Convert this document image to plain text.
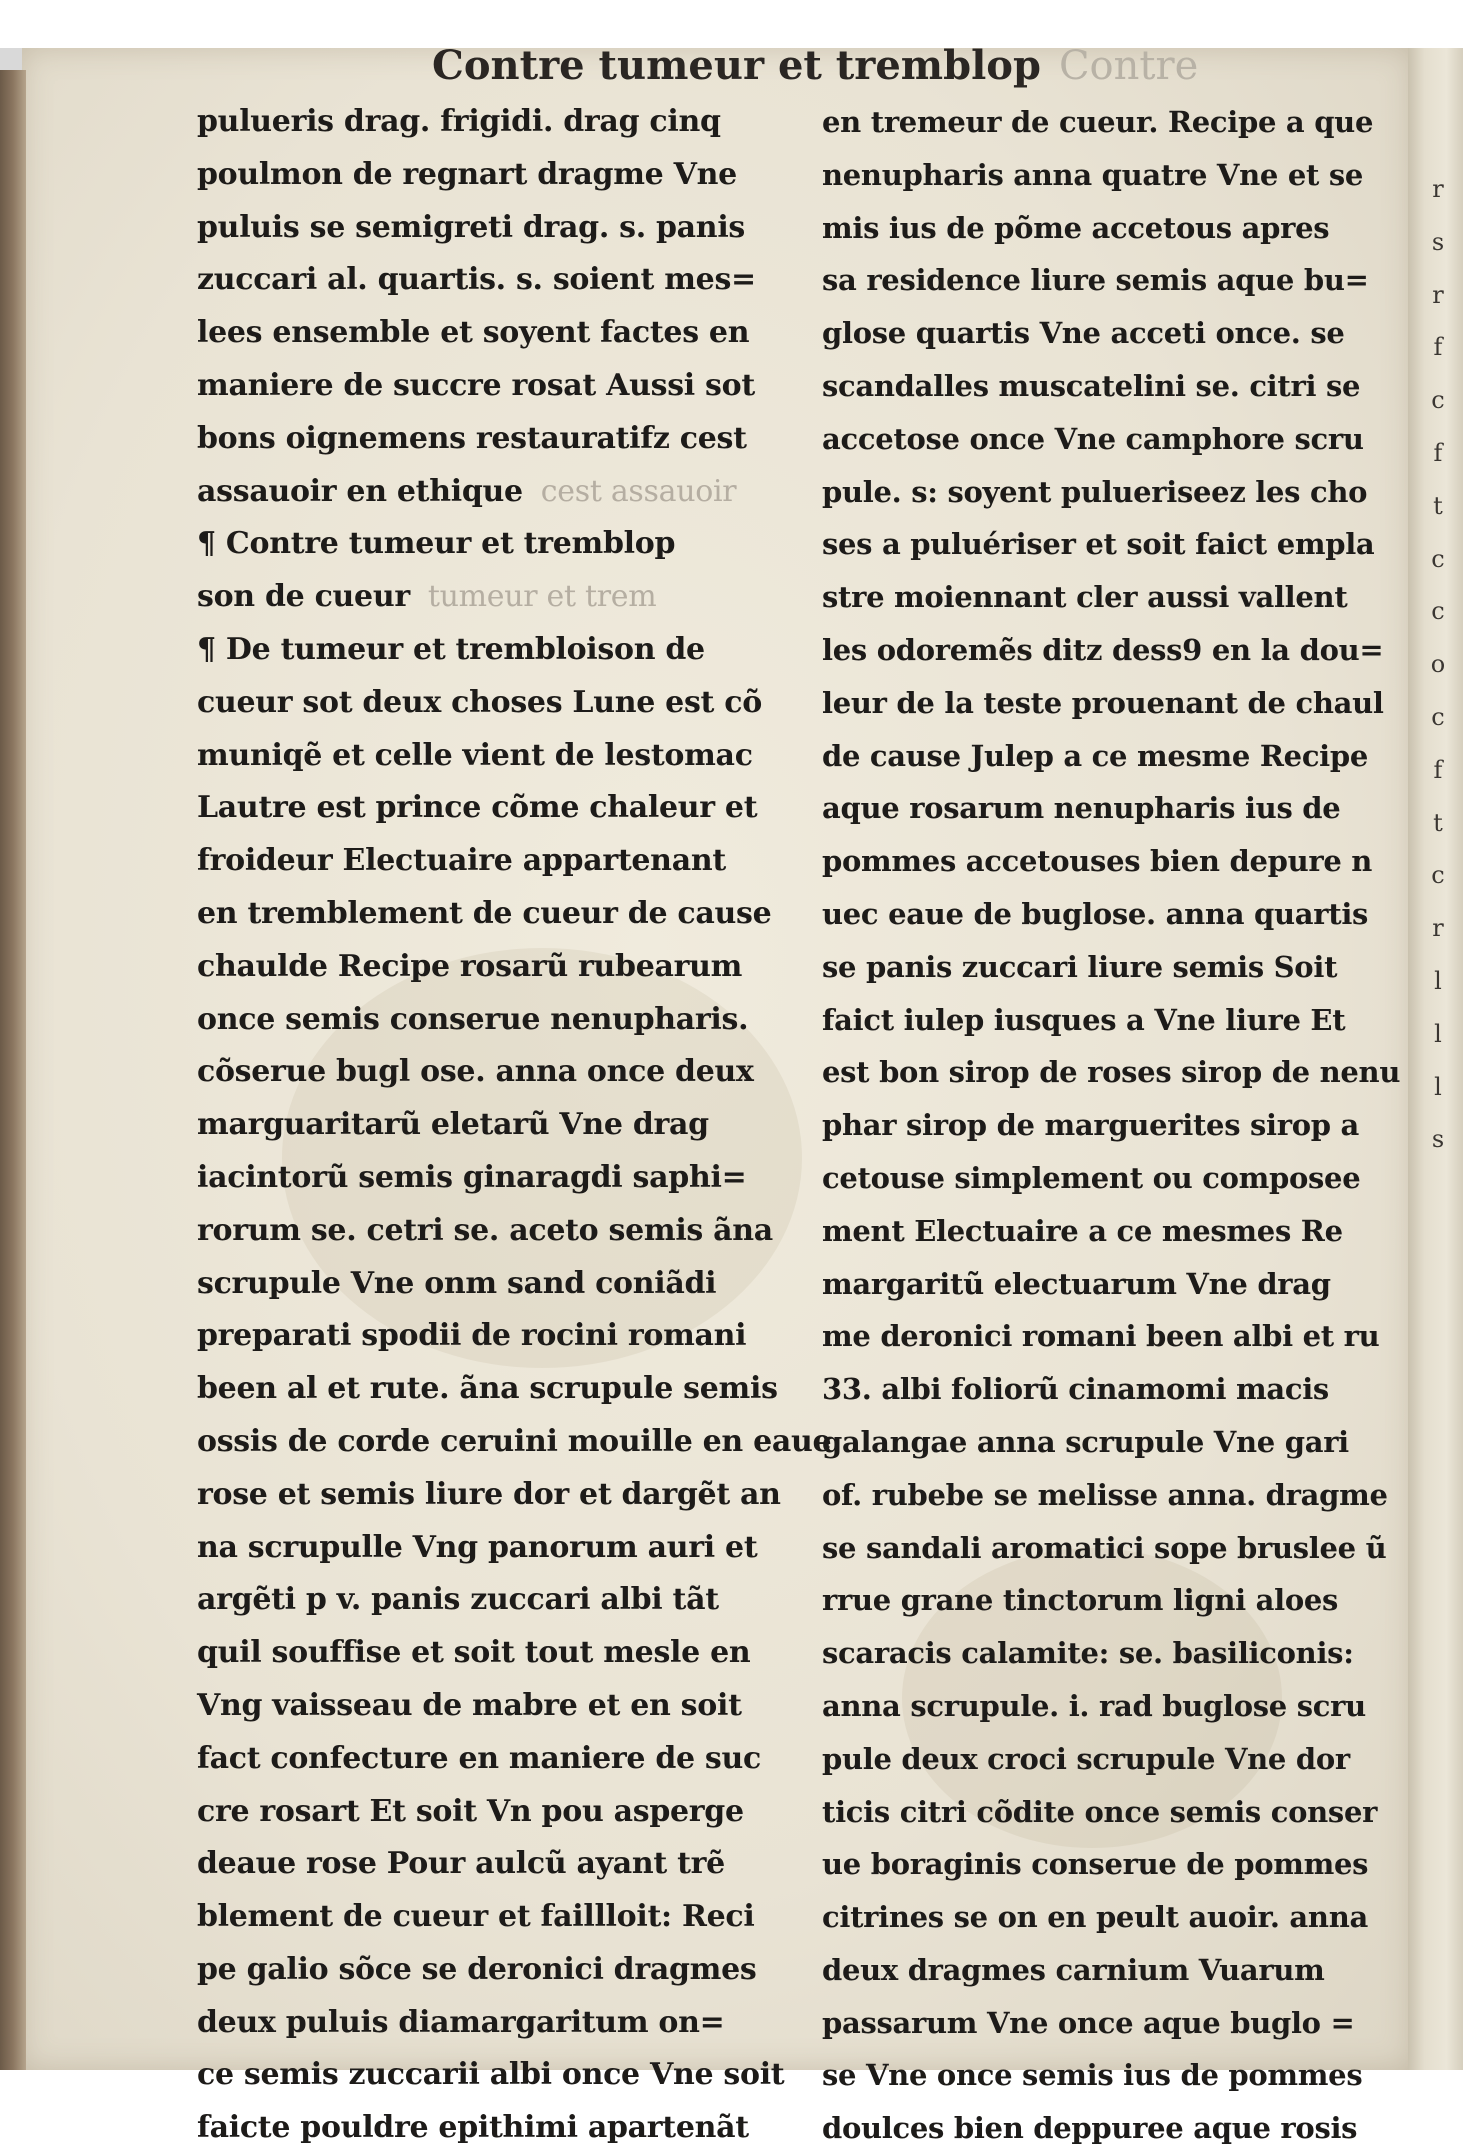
Contre tumeur et tremblop Contre
pulueris drag. frigidi. drag cinq
poulmon de regnart dragme Vne
puluis se semigreti drag. s. panis
zuccari al. quartis. s. soient mes=
lees ensemble et soyent factes en
maniere de succre rosat Aussi sot
bons oignemens restauratifz cest
assauoir en ethique cest assauoir
¶ Contre tumeur et tremblop
son de cueur tumeur et trem
¶ De tumeur et trembloison de
cueur sot deux choses Lune est cõ
muniqẽ et celle vient de lestomac
Lautre est prince cõme chaleur et
froideur Electuaire appartenant
en tremblement de cueur de cause
chaulde Recipe rosarũ rubearum
once semis conserue nenupharis.
cõserue bugl ose. anna once deux
marguaritarũ eletarũ Vne drag
iacintorũ semis ginaragdi saphi=
rorum se. cetri se. aceto semis ãna
scrupule Vne onm sand coniãdi
preparati spodii de rocini romani
been al et rute. ãna scrupule semis
ossis de corde ceruini mouille en eaue
rose et semis liure dor et dargẽt an
na scrupulle Vng panorum auri et
argẽti p v. panis zuccari albi tãt
quil souffise et soit tout mesle en
Vng vaisseau de mabre et en soit
fact confecture en maniere de suc
cre rosart Et soit Vn pou asperge
deaue rose Pour aulcũ ayant trẽ
blement de cueur et faillloit: Reci
pe galio sõce se deronici dragmes
deux puluis diamargaritum on=
ce semis zuccarii albi once Vne soit
faicte pouldre epithimi apartenãt
en tremeur de cueur. Recipe a que
nenupharis anna quatre Vne et se
mis ius de põme accetous apres
sa residence liure semis aque bu=
glose quartis Vne acceti once. se
scandalles muscatelini se. citri se
accetose once Vne camphore scru
pule. s: soyent pulueriseez les cho
ses a puluériser et soit faict empla
stre moiennant cler aussi vallent
les odoremẽs ditz dess9 en la dou=
leur de la teste prouenant de chaul
de cause Julep a ce mesme Recipe
aque rosarum nenupharis ius de
pommes accetouses bien depure n
uec eaue de buglose. anna quartis
se panis zuccari liure semis Soit
faict iulep iusques a Vne liure Et
est bon sirop de roses sirop de nenu
phar sirop de marguerites sirop a
cetouse simplement ou composee
ment Electuaire a ce mesmes Re
margaritũ electuarum Vne drag
me deronici romani been albi et ru
33. albi foliorũ cinamomi macis
galangae anna scrupule Vne gari
of. rubebe se melisse anna. dragme
se sandali aromatici sope bruslee ũ
rrue grane tinctorum ligni aloes
scaracis calamite: se. basiliconis:
anna scrupule. i. rad buglose scru
pule deux croci scrupule Vne dor
ticis citri cõdite once semis conser
ue boraginis conserue de pommes
citrines se on en peult auoir. anna
deux dragmes carnium Vuarum
passarum Vne once aque buglo =
se Vne once semis ius de pommes
doulces bien deppuree aque rosis
r
s
r
f
c
f
t
c
c
o
c
f
t
c
r
l
l
l
s
